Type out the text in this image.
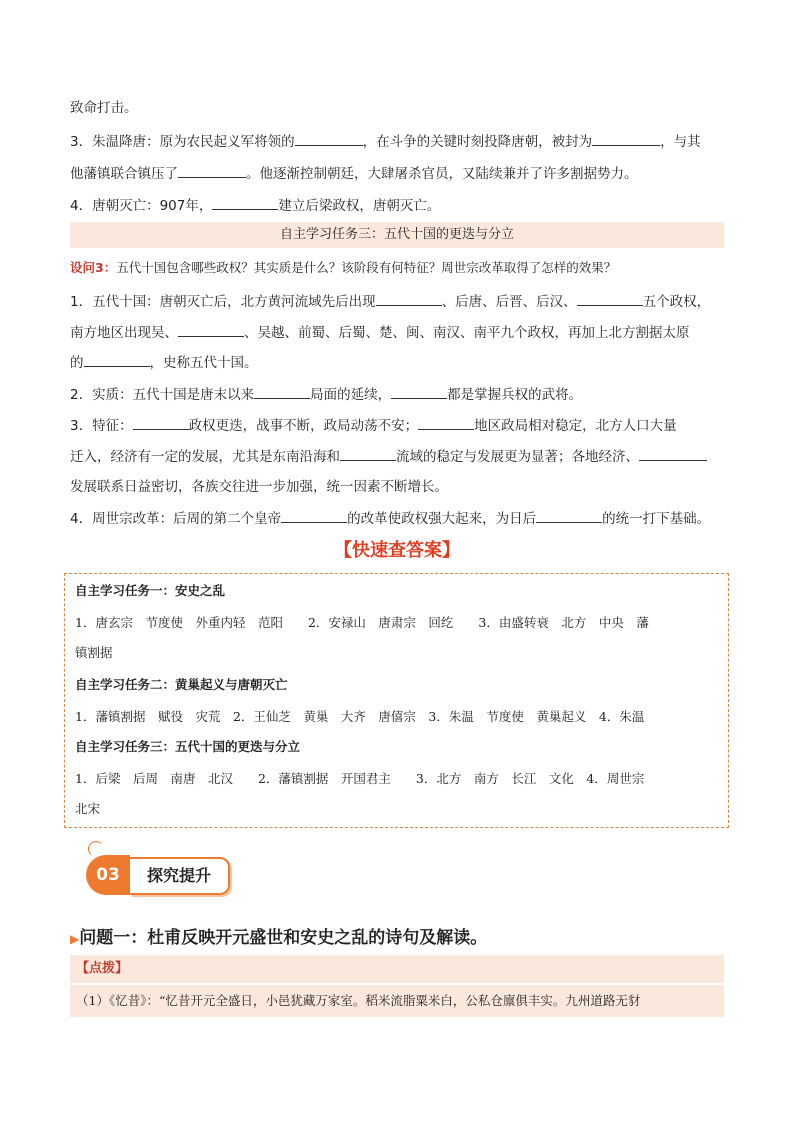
致命打击。
3．朱温降唐：原为农民起义军将领的	，在斗争的关键时刻投降唐朝，被封为	，与其
他藩镇联合镇压了	。他逐渐控制朝廷，大肆屠杀官员，又陆续兼并了许多割据势力。
4．唐朝灭亡：907年，	建立后梁政权，唐朝灭亡。
自主学习任务三：五代十国的更迭与分立
设问3：五代十国包含哪些政权？其实质是什么？该阶段有何特征？周世宗改革取得了怎样的效果？
1．五代十国：唐朝灭亡后，北方黄河流域先后出现	、后唐、后晋、后汉、	五个政权，
南方地区出现吴、	、吴越、前蜀、后蜀、楚、闽、南汉、南平九个政权，再加上北方割据太原
的	，史称五代十国。
2．实质：五代十国是唐末以来	局面的延续，	都是掌握兵权的武将。
3．特征：	政权更迭，战事不断，政局动荡不安；	地区政局相对稳定，北方人口大量
迁入，经济有一定的发展，尤其是东南沿海和	流域的稳定与发展更为显著；各地经济、
发展联系日益密切，各族交往进一步加强，统一因素不断增长。
4．周世宗改革：后周的第二个皇帝	的改革使政权强大起来，为日后	的统一打下基础。
【快速查答案】
自主学习任务一：安史之乱
1．唐玄宗　节度使　外重内轻　范阳　　2．安禄山　唐肃宗　回纥　　3．由盛转衰　北方　中央　藩
镇割据
自主学习任务二：黄巢起义与唐朝灭亡
1．藩镇割据　赋役　灾荒　2．王仙芝　黄巢　大齐　唐僖宗　3．朱温　节度使　黄巢起义　4．朱温
自主学习任务三：五代十国的更迭与分立
1．后梁　后周　南唐　北汉　　2．藩镇割据　开国君主　　3．北方　南方　长江　文化　4．周世宗
北宋
03	探究提升
▶问题一：杜甫反映开元盛世和安史之乱的诗句及解读。
【点拨】
（1）《忆昔》：“忆昔开元全盛日，小邑犹藏万家室。稻米流脂粟米白，公私仓廪俱丰实。九州道路无豺
